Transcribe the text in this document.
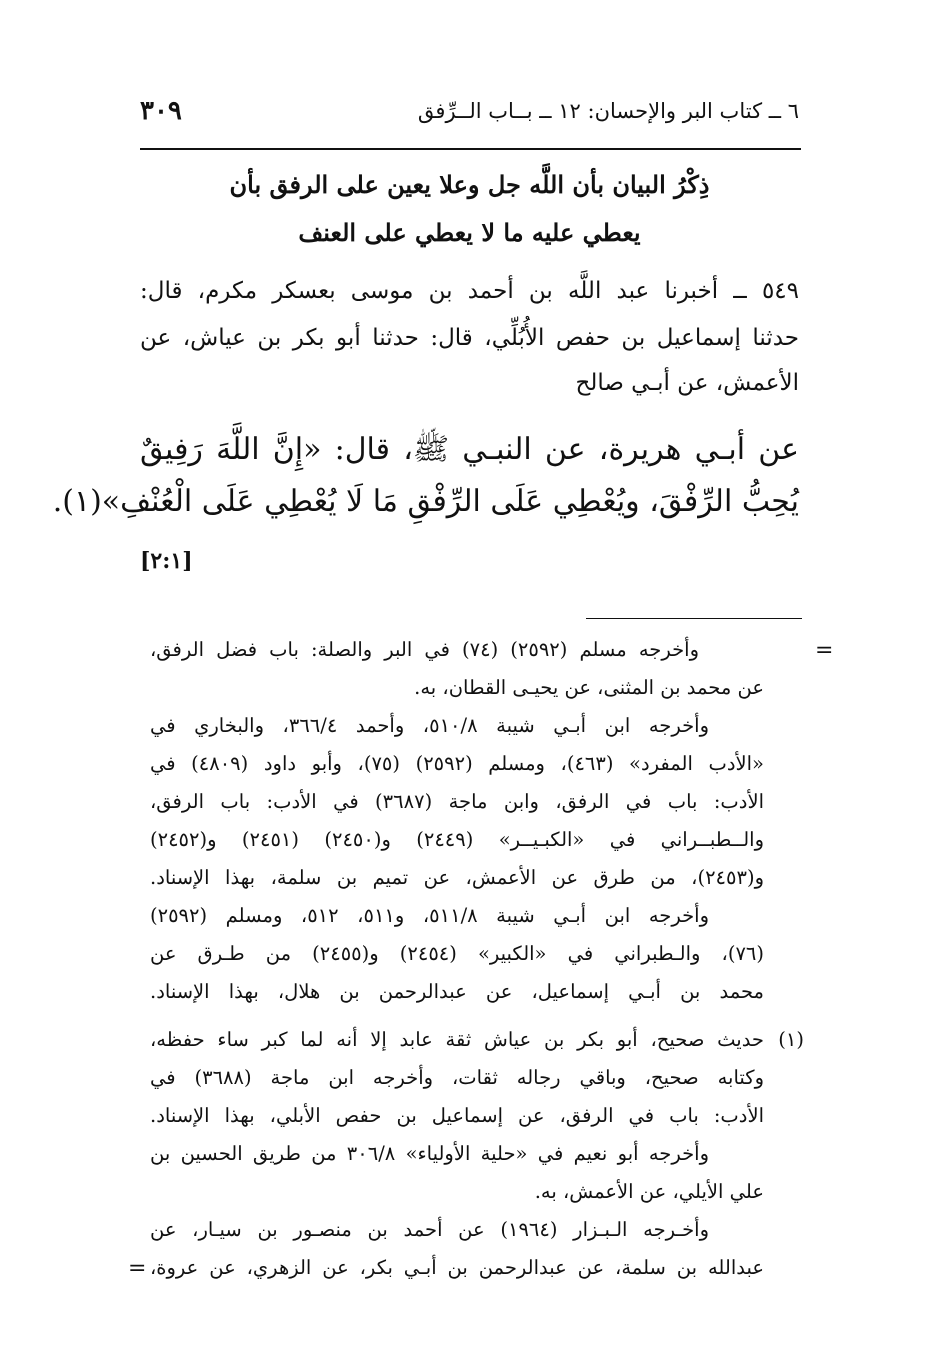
٦ ــ كتاب البر والإحسان: ١٢ ــ بــاب الــرِّفق
٣٠٩
ذِكْرُ البيان بأن اللَّه جل وعلا يعين على الرفق بأن
يعطي عليه ما لا يعطي على العنف
٥٤٩ ــ أخبرنا عبد اللَّه بن أحمد بن موسى بعسكر مكرم، قال:
حدثنا إسماعيل بن حفص الأُبُلِّي، قال: حدثنا أبو بكر بن عياش، عن
الأعمش، عن أبـي صالح
عن أبـي هريرة، عن النبـي ﷺ، قال: «إِنَّ اللَّهَ رَفِيقٌ
يُحِبُّ الرِّفْقَ، ويُعْطِي عَلَى الرِّفْقِ مَا لَا يُعْطِي عَلَى الْعُنْفِ»(١).
[٢:١]
=
وأخرجه مسلم (٢٥٩٢) (٧٤) في البر والصلة: باب فضل الرفق،
عن محمد بن المثنى، عن يحيـى القطان، به.
وأخرجه ابن أبـي شيبة ٥١٠/٨، وأحمد ٣٦٦/٤، والبخاري في
«الأدب المفرد» (٤٦٣)، ومسلم (٢٥٩٢) (٧٥)، وأبو داود (٤٨٠٩) في
الأدب: باب في الرفق، وابن ماجة (٣٦٨٧) في الأدب: باب الرفق،
والــطبــراني في «الكبـيــر» (٢٤٤٩) و(٢٤٥٠) (٢٤٥١) و(٢٤٥٢)
و(٢٤٥٣)، من طرق عن الأعمش، عن تميم بن سلمة، بهذا الإسناد.
وأخرجه ابن أبـي شيبة ٥١١/٨، و٥١١، ٥١٢، ومسلم (٢٥٩٢)
(٧٦)، والـطبراني في «الكبير» (٢٤٥٤) و(٢٤٥٥) من طـرق عن
محمد بن أبـي إسماعيل، عن عبدالرحمن بن هلال، بهذا الإسناد.
(١)
حديث صحيح، أبو بكر بن عياش ثقة عابد إلا أنه لما كبر ساء حفظه،
وكتابه صحيح، وباقي رجاله ثقات، وأخرجه ابن ماجة (٣٦٨٨) في
الأدب: باب في الرفق، عن إسماعيل بن حفص الأبلي، بهذا الإسناد.
وأخرجه أبو نعيم في «حلية الأولياء» ٣٠٦/٨ من طريق الحسين بن
علي الأيلي، عن الأعمش، به.
وأخـرجه الـبـزار (١٩٦٤) عن أحمد بن منصـور بن سيـار، عن
عبدالله بن سلمة، عن عبدالرحمن بن أبـي بكر، عن الزهري، عن عروة،
=
